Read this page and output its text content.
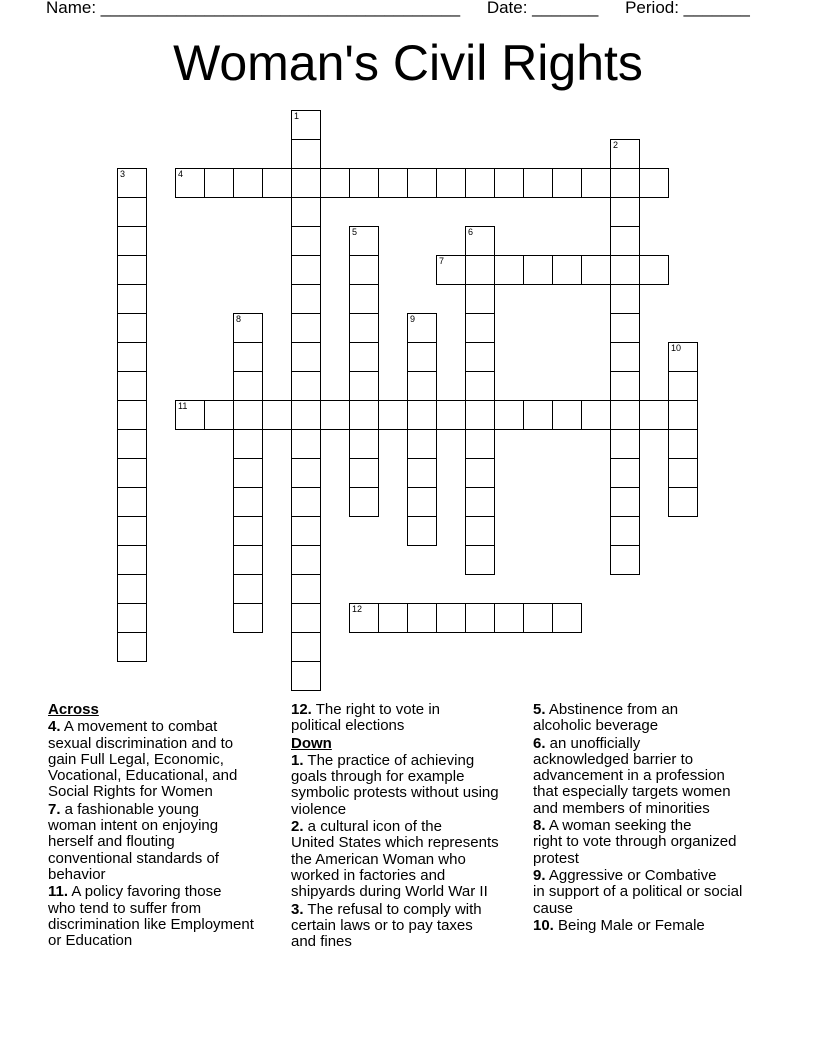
Name: ______________________________________ Date: _______ Period: _______
Woman's Civil Rights
1
2
3	4
5	6
7
8	9
10
11
12
Across
4. A movement to combat
sexual discrimination and to
gain Full Legal, Economic,
Vocational, Educational, and
Social Rights for Women
7. a fashionable young
woman intent on enjoying
herself and flouting
conventional standards of
behavior
11. A policy favoring those
who tend to suffer from
discrimination like Employment
or Education
12. The right to vote in
political elections
Down
1. The practice of achieving
goals through for example
symbolic protests without using
violence
2. a cultural icon of the
United States which represents
the American Woman who
worked in factories and
shipyards during World War II
3. The refusal to comply with
certain laws or to pay taxes
and fines
5. Abstinence from an
alcoholic beverage
6. an unofficially
acknowledged barrier to
advancement in a profession
that especially targets women
and members of minorities
8. A woman seeking the
right to vote through organized
protest
9. Aggressive or Combative
in support of a political or social
cause
10. Being Male or Female
